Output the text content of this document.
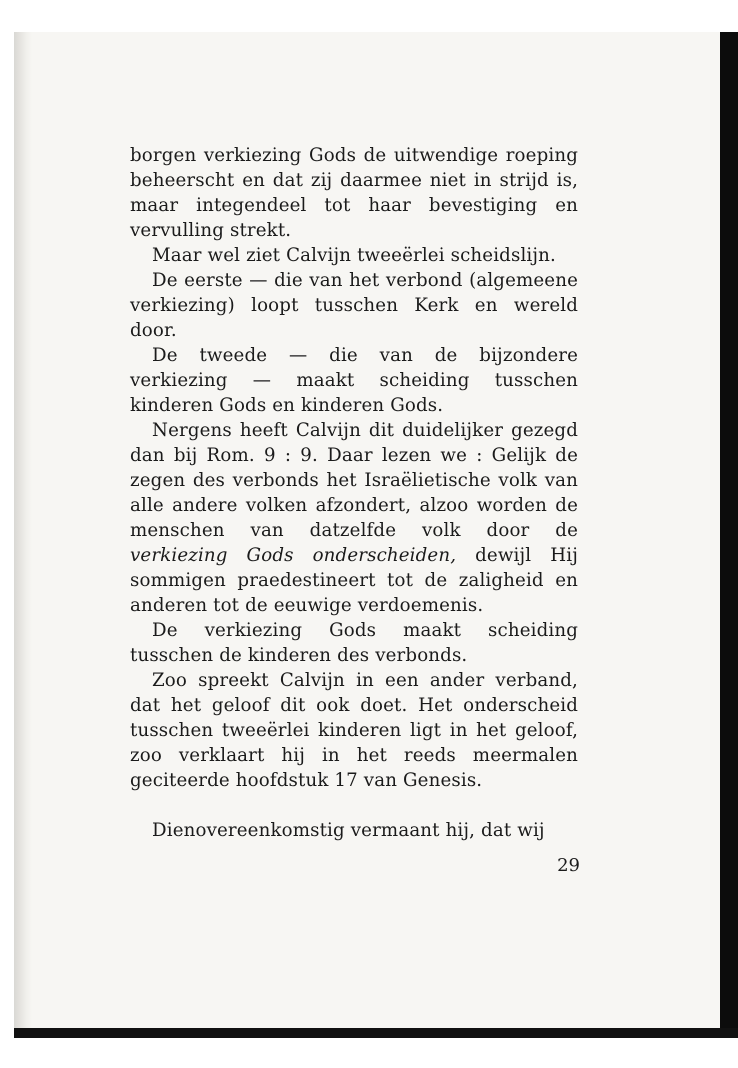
borgen verkiezing Gods de uitwendige roeping beheerscht en dat zij daarmee niet in strijd is, maar integendeel tot haar bevestiging en vervulling strekt.

Maar wel ziet Calvijn tweeërlei scheidslijn.

De eerste — die van het verbond (algemeene verkiezing) loopt tusschen Kerk en wereld door.

De tweede — die van de bijzondere verkiezing — maakt scheiding tusschen kinderen Gods en kinderen Gods.

Nergens heeft Calvijn dit duidelijker gezegd dan bij Rom. 9 : 9. Daar lezen we : Gelijk de zegen des verbonds het Israëlietische volk van alle andere volken afzondert, alzoo worden de menschen van datzelfde volk door de verkiezing Gods onderscheiden, dewijl Hij sommigen praedestineert tot de zaligheid en anderen tot de eeuwige verdoemenis.

De verkiezing Gods maakt scheiding tusschen de kinderen des verbonds.

Zoo spreekt Calvijn in een ander verband, dat het geloof dit ook doet. Het onderscheid tusschen tweeërlei kinderen ligt in het geloof, zoo verklaart hij in het reeds meermalen geciteerde hoofdstuk 17 van Genesis.

Dienovereenkomstig vermaant hij, dat wij

29
